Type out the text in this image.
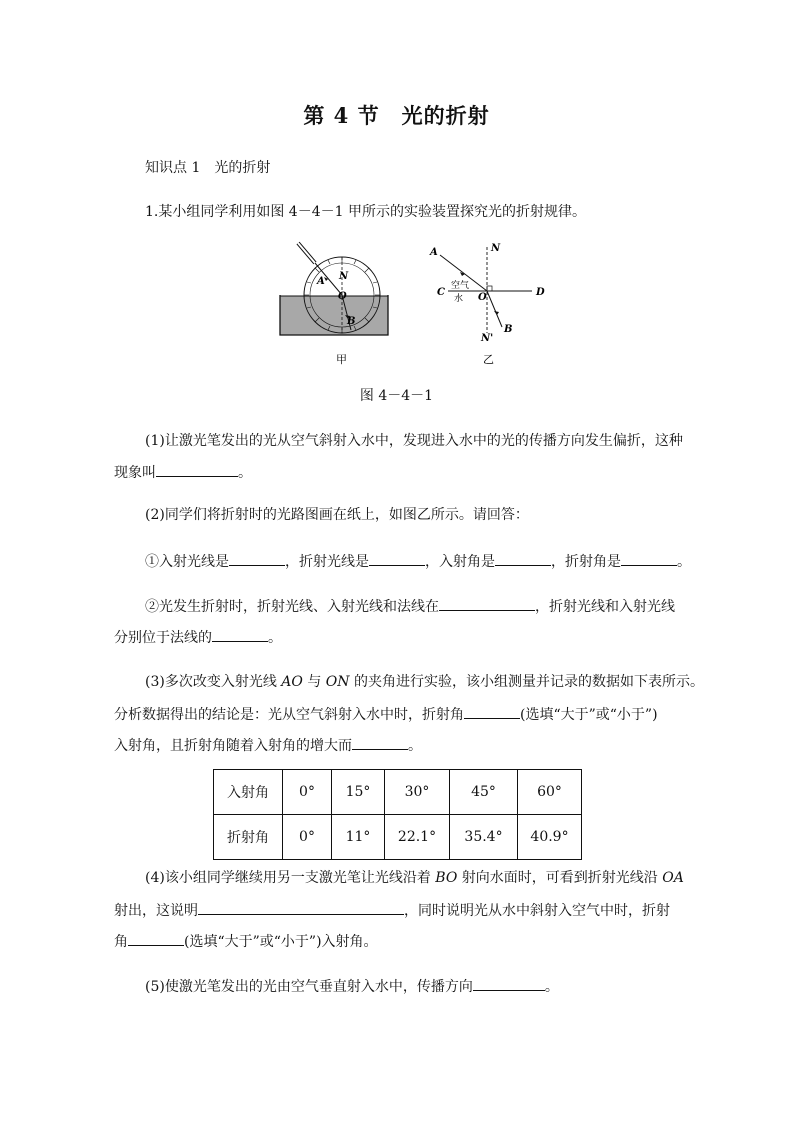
第 4 节　光的折射
知识点 1　光的折射
1.某小组同学利用如图 4－4－1 甲所示的实验装置探究光的折射规律。
A N
O
B
甲
A	N
C	O	D
B
N'
空气
水
乙
图 4－4－1
(1)让激光笔发出的光从空气斜射入水中，发现进入水中的光的传播方向发生偏折，这种
现象叫	。
(2)同学们将折射时的光路图画在纸上，如图乙所示。请回答：
①入射光线是	，折射光线是	，入射角是	，折射角是	。
②光发生折射时，折射光线、入射光线和法线在	，折射光线和入射光线
分别位于法线的	。
(3)多次改变入射光线 AO 与 ON 的夹角进行实验，该小组测量并记录的数据如下表所示。
分析数据得出的结论是：光从空气斜射入水中时，折射角	(选填“大于”或“小于”)
入射角，且折射角随着入射角的增大而	。
入射角	0°	15°	30°	45°	60°
折射角	0°	11°	22.1°	35.4°	40.9°
(4)该小组同学继续用另一支激光笔让光线沿着 BO 射向水面时，可看到折射光线沿 OA
射出，这说明	，同时说明光从水中斜射入空气中时，折射
角	(选填“大于”或“小于”)入射角。
(5)使激光笔发出的光由空气垂直射入水中，传播方向	。
